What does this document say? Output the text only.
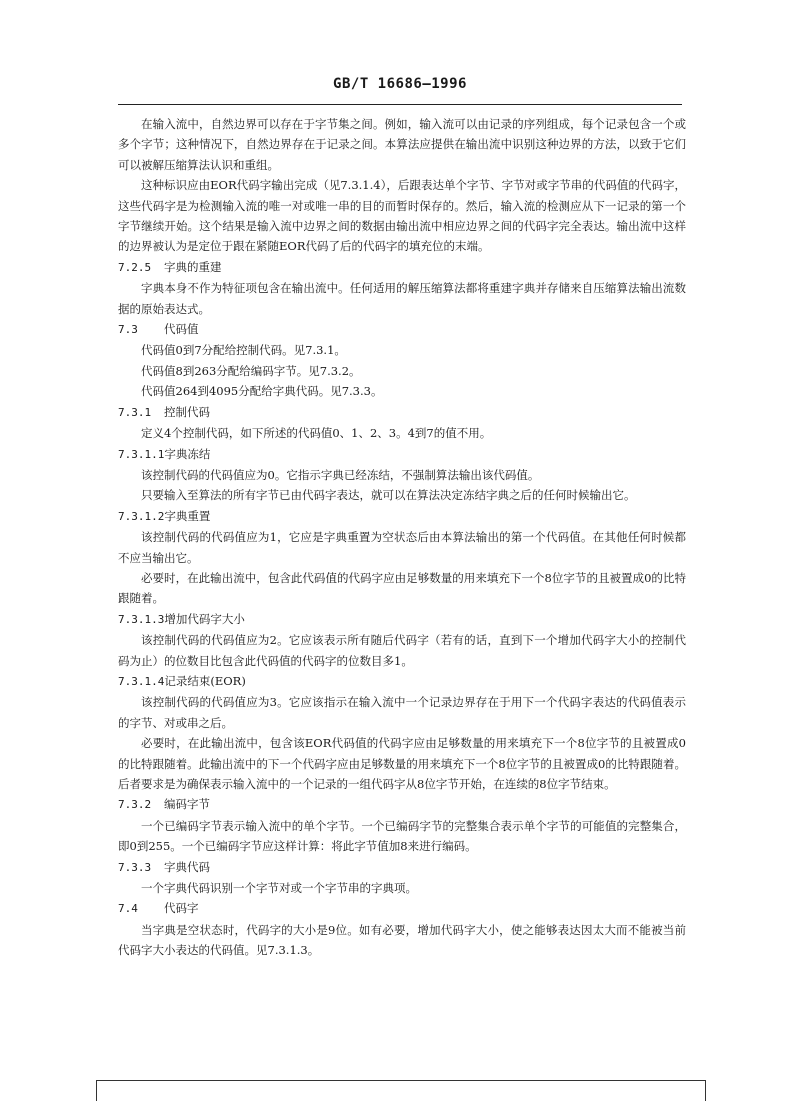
GB/T 16686—1996

在输入流中，自然边界可以存在于字节集之间。例如，输入流可以由记录的序列组成，每个记录包含一个或多个字节；这种情况下，自然边界存在于记录之间。本算法应提供在输出流中识别这种边界的方法，以致于它们可以被解压缩算法认识和重组。

这种标识应由EOR代码字输出完成（见7.3.1.4），后跟表达单个字节、字节对或字节串的代码值的代码字，这些代码字是为检测输入流的唯一对或唯一串的目的而暂时保存的。然后，输入流的检测应从下一记录的第一个字节继续开始。这个结果是输入流中边界之间的数据由输出流中相应边界之间的代码字完全表达。输出流中这样的边界被认为是定位于跟在紧随EOR代码了后的代码字的填充位的末端。

7.2.5 字典的重建

字典本身不作为特征项包含在输出流中。任何适用的解压缩算法都将重建字典并存储来自压缩算法输出流数据的原始表达式。

7.3 代码值

代码值0到7分配给控制代码。见7.3.1。

代码值8到263分配给编码字节。见7.3.2。

代码值264到4095分配给字典代码。见7.3.3。

7.3.1 控制代码

定义4个控制代码，如下所述的代码值0、1、2、3。4到7的值不用。

7.3.1.1字典冻结

该控制代码的代码值应为0。它指示字典已经冻结，不强制算法输出该代码值。

只要输入至算法的所有字节已由代码字表达，就可以在算法决定冻结字典之后的任何时候输出它。

7.3.1.2字典重置

该控制代码的代码值应为1，它应是字典重置为空状态后由本算法输出的第一个代码值。在其他任何时候都不应当输出它。

必要时，在此输出流中，包含此代码值的代码字应由足够数量的用来填充下一个8位字节的且被置成0的比特跟随着。

7.3.1.3增加代码字大小

该控制代码的代码值应为2。它应该表示所有随后代码字（若有的话，直到下一个增加代码字大小的控制代码为止）的位数目比包含此代码值的代码字的位数目多1。

7.3.1.4记录结束(EOR)

该控制代码的代码值应为3。它应该指示在输入流中一个记录边界存在于用下一个代码字表达的代码值表示的字节、对或串之后。

必要时，在此输出流中，包含该EOR代码值的代码字应由足够数量的用来填充下一个8位字节的且被置成0的比特跟随着。此输出流中的下一个代码字应由足够数量的用来填充下一个8位字节的且被置成0的比特跟随着。后者要求是为确保表示输入流中的一个记录的一组代码字从8位字节开始，在连续的8位字节结束。

7.3.2 编码字节

一个已编码字节表示输入流中的单个字节。一个已编码字节的完整集合表示单个字节的可能值的完整集合，即0到255。一个已编码字节应这样计算：将此字节值加8来进行编码。

7.3.3 字典代码

一个字典代码识别一个字节对或一个字节串的字典项。

7.4 代码字

当字典是空状态时，代码字的大小是9位。如有必要，增加代码字大小，使之能够表达因太大而不能被当前代码字大小表达的代码值。见7.3.1.3。
